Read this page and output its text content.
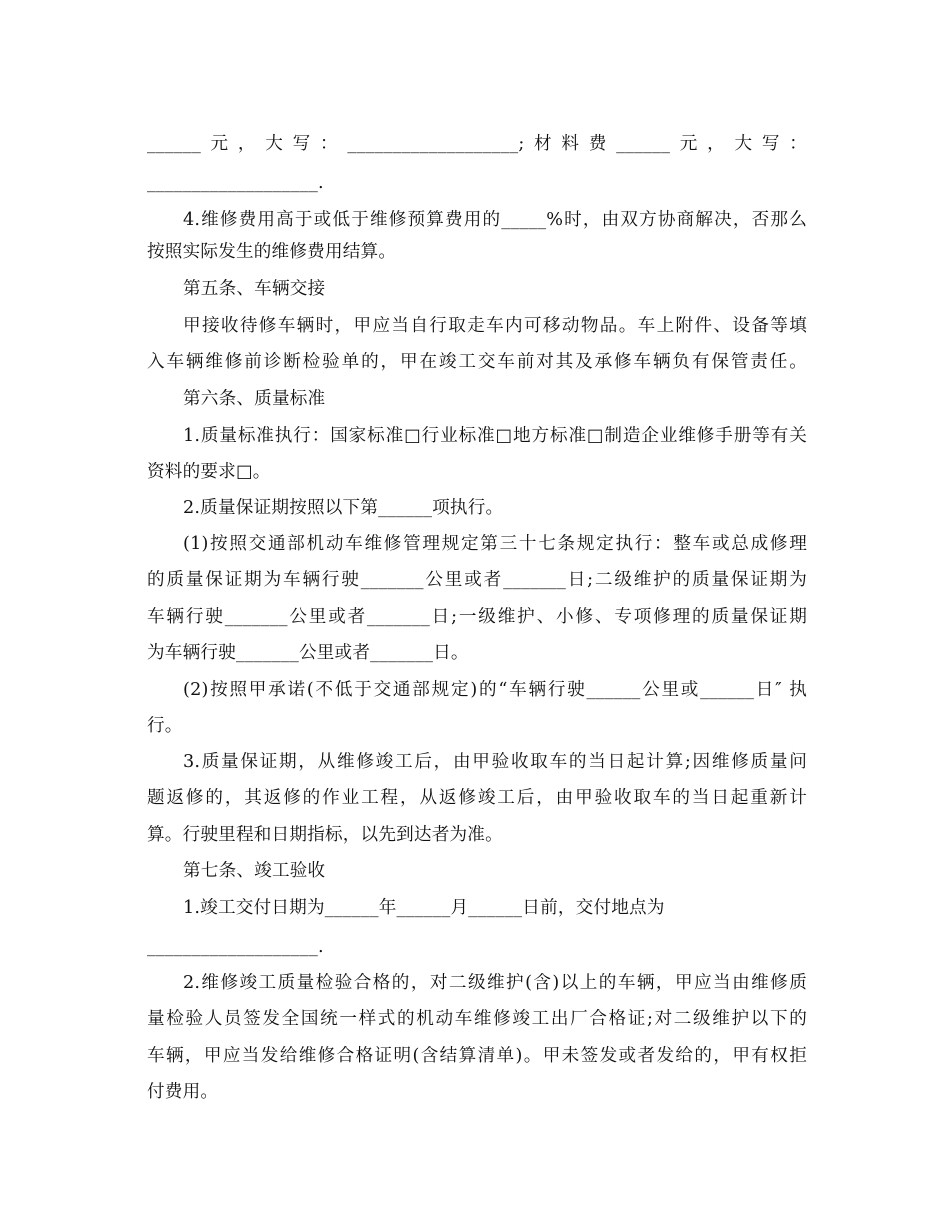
______元，大写：___________________;材料费______元，大写：
___________________.
4.维修费用高于或低于维修预算费用的_____%时，由双方协商解决，否那么
按照实际发生的维修费用结算。
第五条、车辆交接
甲接收待修车辆时，甲应当自行取走车内可移动物品。车上附件、设备等填
入车辆维修前诊断检验单的，甲在竣工交车前对其及承修车辆负有保管责任。
第六条、质量标准
1.质量标准执行：国家标准□行业标准□地方标准□制造企业维修手册等有关
资料的要求□。
2.质量保证期按照以下第______项执行。
(1)按照交通部机动车维修管理规定第三十七条规定执行：整车或总成修理
的质量保证期为车辆行驶_______公里或者_______日;二级维护的质量保证期为
车辆行驶_______公里或者_______日;一级维护、小修、专项修理的质量保证期
为车辆行驶_______公里或者_______日。
(2)按照甲承诺(不低于交通部规定)的“车辆行驶______公里或______日″ 执
行。
3.质量保证期，从维修竣工后，由甲验收取车的当日起计算;因维修质量问
题返修的，其返修的作业工程，从返修竣工后，由甲验收取车的当日起重新计
算。行驶里程和日期指标，以先到达者为准。
第七条、竣工验收
1.竣工交付日期为______年______月______日前，交付地点为
___________________.
2.维修竣工质量检验合格的，对二级维护(含)以上的车辆，甲应当由维修质
量检验人员签发全国统一样式的机动车维修竣工出厂合格证;对二级维护以下的
车辆，甲应当发给维修合格证明(含结算清单)。甲未签发或者发给的，甲有权拒
付费用。
